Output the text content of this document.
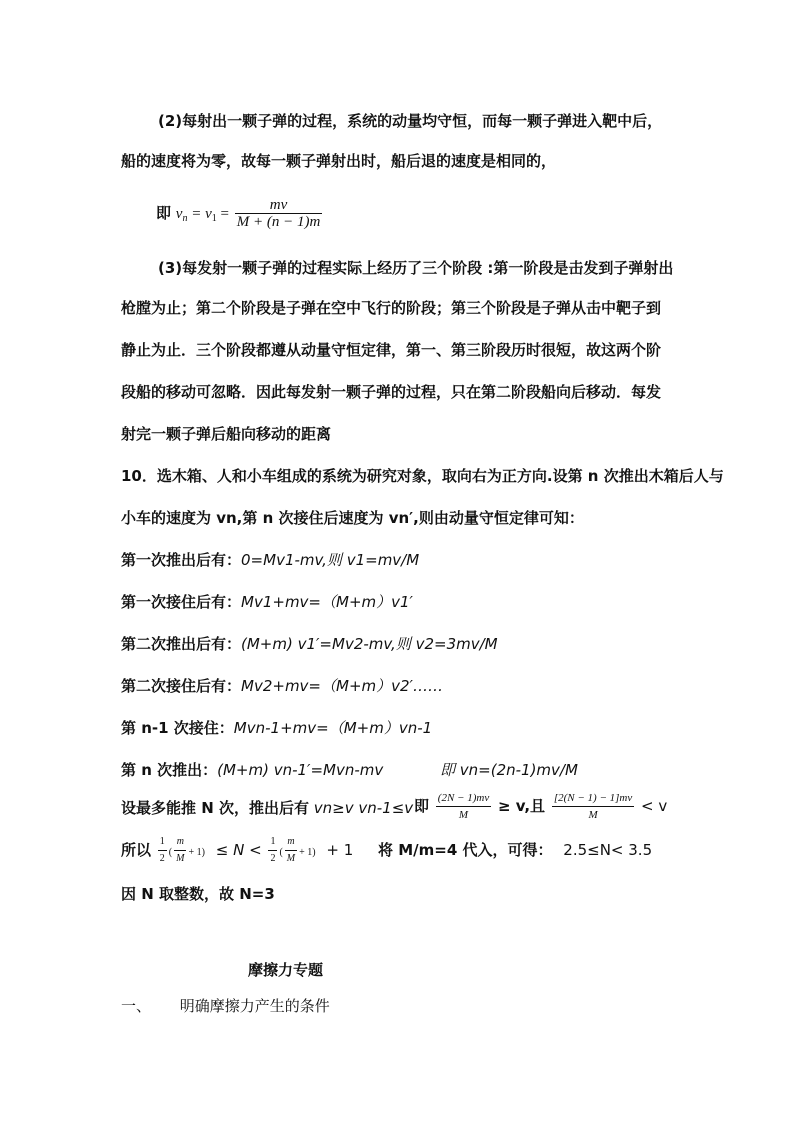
(2)每射出一颗子弹的过程，系统的动量均守恒，而每一颗子弹进入靶中后，
船的速度将为零，故每一颗子弹射出时，船后退的速度是相同的，
即 $v_n = v_1 = \frac{mv}{M + (n - 1)m}$
(3)每发射一颗子弹的过程实际上经历了三个阶段 :第一阶段是击发到子弹射出
枪膛为止；第二个阶段是子弹在空中飞行的阶段；第三个阶段是子弹从击中靶子到
静止为止．三个阶段都遵从动量守恒定律，第一、第三阶段历时很短，故这两个阶
段船的移动可忽略．因此每发射一颗子弹的过程，只在第二阶段船向后移动．每发
射完一颗子弹后船向移动的距离
10．选木箱、人和小车组成的系统为研究对象，取向右为正方向.设第 n 次推出木箱后人与
小车的速度为 vn,第 n 次接住后速度为 vn′,则由动量守恒定律可知：
第一次推出后有：0=Mv1-mv,则 v1=mv/M
第一次接住后有：Mv1+mv=（M+m）v1′
第二次推出后有：(M+m) v1′=Mv2-mv,则 v2=3mv/M
第二次接住后有：Mv2+mv=（M+m）v2′……
第 n-1 次接住：Mvn-1+mv=（M+m）vn-1
第 n 次推出：(M+m) vn-1′=Mvn-mv	即 vn=(2n-1)mv/M
设最多能推 N 次，推出后有 vn≥v vn-1≤v 即 $\frac{(2N - 1)mv}{M} \ge v$,且 $\frac{[2(N - 1) - 1]mv}{M} < v$
所以 $\frac{1}{2}$ ( $\frac{m}{M} + 1) \le N < \frac{1}{2}$ ( $\frac{m}{M} + 1) + 1$ 将 M/m=4 代入，可得： 2.5≤N< 3.5
因 N 取整数，故 N=3
摩擦力专题
一、 明确摩擦力产生的条件
